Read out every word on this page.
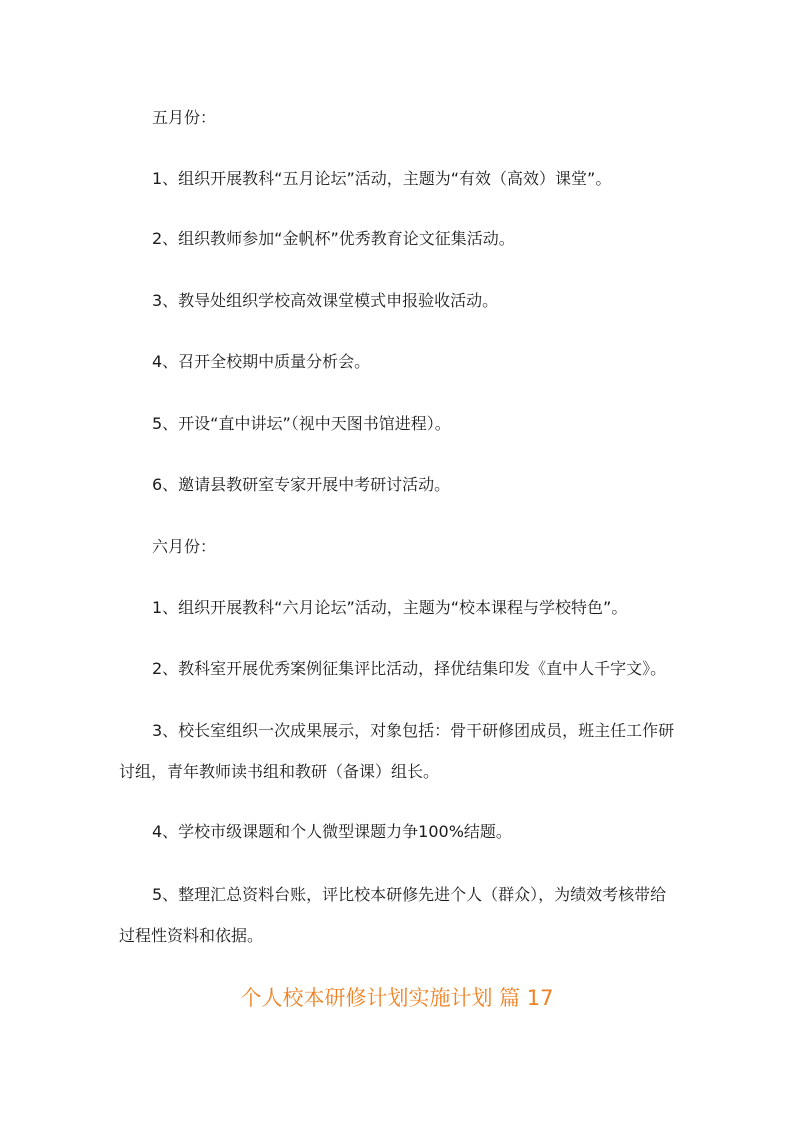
五月份：

1、组织开展教科“五月论坛”活动，主题为“有效（高效）课堂”。

2、组织教师参加“金帆杯”优秀教育论文征集活动。

3、教导处组织学校高效课堂模式申报验收活动。

4、召开全校期中质量分析会。

5、开设“直中讲坛”（视中天图书馆进程）。

6、邀请县教研室专家开展中考研讨活动。

六月份：

1、组织开展教科“六月论坛”活动，主题为“校本课程与学校特色”。

2、教科室开展优秀案例征集评比活动，择优结集印发《直中人千字文》。

3、校长室组织一次成果展示，对象包括：骨干研修团成员，班主任工作研讨组，青年教师读书组和教研（备课）组长。

4、学校市级课题和个人微型课题力争100%结题。

5、整理汇总资料台账，评比校本研修先进个人（群众），为绩效考核带给过程性资料和依据。

个人校本研修计划实施计划 篇 17
